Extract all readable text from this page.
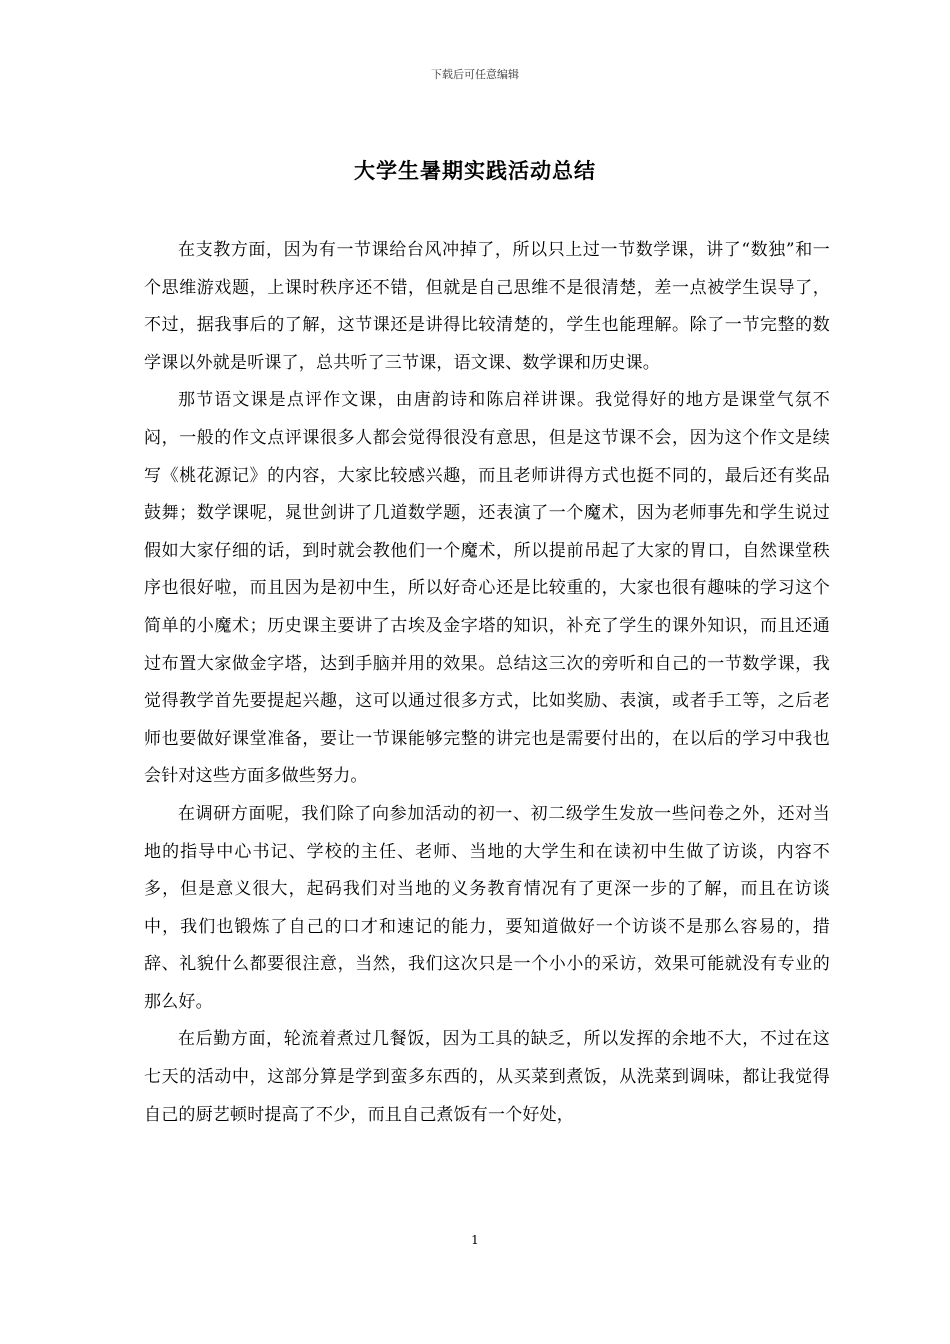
下载后可任意编辑
大学生暑期实践活动总结

在支教方面，因为有一节课给台风冲掉了，所以只上过一节数学课，讲了“数独”和一个思维游戏题，上课时秩序还不错，但就是自己思维不是很清楚，差一点被学生误导了，不过，据我事后的了解，这节课还是讲得比较清楚的，学生也能理解。除了一节完整的数学课以外就是听课了，总共听了三节课，语文课、数学课和历史课。

那节语文课是点评作文课，由唐韵诗和陈启祥讲课。我觉得好的地方是课堂气氛不闷，一般的作文点评课很多人都会觉得很没有意思，但是这节课不会，因为这个作文是续写《桃花源记》的内容，大家比较感兴趣，而且老师讲得方式也挺不同的，最后还有奖品鼓舞；数学课呢，晁世剑讲了几道数学题，还表演了一个魔术，因为老师事先和学生说过假如大家仔细的话，到时就会教他们一个魔术，所以提前吊起了大家的胃口，自然课堂秩序也很好啦，而且因为是初中生，所以好奇心还是比较重的，大家也很有趣味的学习这个简单的小魔术；历史课主要讲了古埃及金字塔的知识，补充了学生的课外知识，而且还通过布置大家做金字塔，达到手脑并用的效果。总结这三次的旁听和自己的一节数学课，我觉得教学首先要提起兴趣，这可以通过很多方式，比如奖励、表演，或者手工等，之后老师也要做好课堂准备，要让一节课能够完整的讲完也是需要付出的，在以后的学习中我也会针对这些方面多做些努力。

在调研方面呢，我们除了向参加活动的初一、初二级学生发放一些问卷之外，还对当地的指导中心书记、学校的主任、老师、当地的大学生和在读初中生做了访谈，内容不多，但是意义很大，起码我们对当地的义务教育情况有了更深一步的了解，而且在访谈中，我们也锻炼了自己的口才和速记的能力，要知道做好一个访谈不是那么容易的，措辞、礼貌什么都要很注意，当然，我们这次只是一个小小的采访，效果可能就没有专业的那么好。

在后勤方面，轮流着煮过几餐饭，因为工具的缺乏，所以发挥的余地不大，不过在这七天的活动中，这部分算是学到蛮多东西的，从买菜到煮饭，从洗菜到调味，都让我觉得自己的厨艺顿时提高了不少，而且自己煮饭有一个好处，

1
